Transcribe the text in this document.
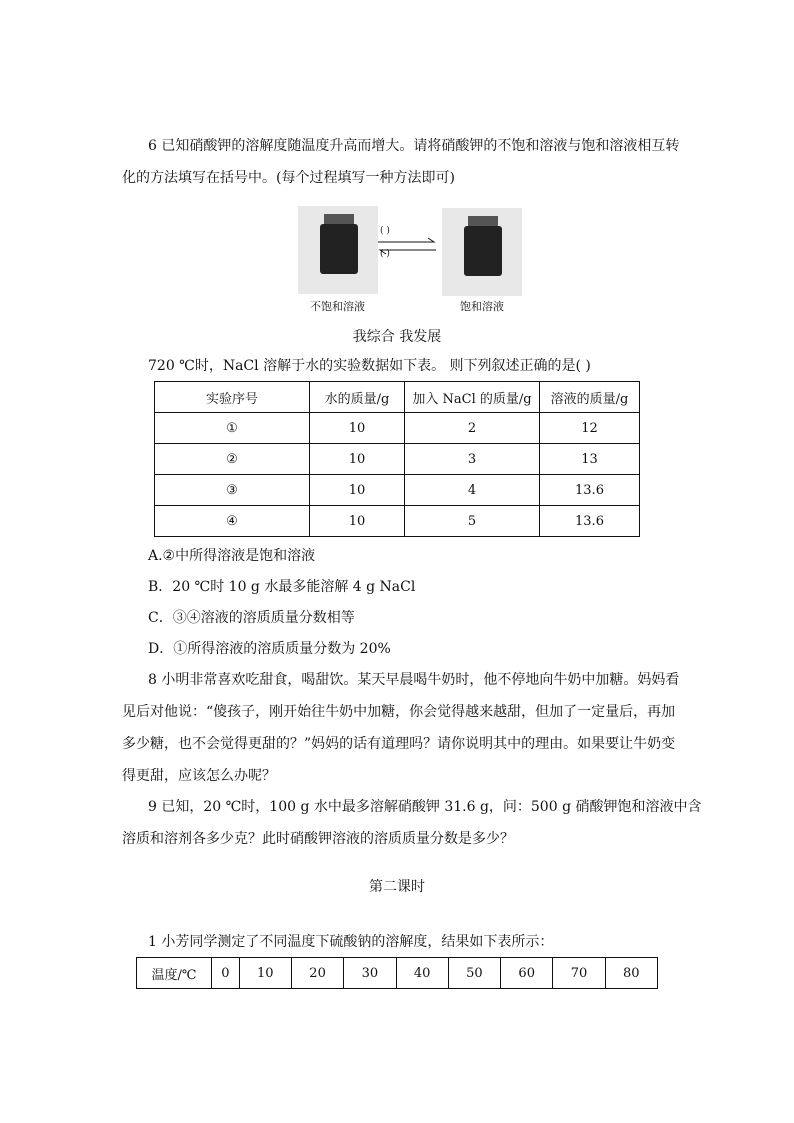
6 已知硝酸钾的溶解度随温度升高而增大。请将硝酸钾的不饱和溶液与饱和溶液相互转
化的方法填写在括号中。(每个过程填写一种方法即可)
( )
( )
不饱和溶液	饱和溶液
我综合 我发展
720 ℃时，NaCl 溶解于水的实验数据如下表。 则下列叙述正确的是( )
实验序号	水的质量/g	加入 NaCl 的质量/g	溶液的质量/g
①	10	2	12
②	10	3	13
③	10	4	13.6
④	10	5	13.6
A.②中所得溶液是饱和溶液
B．20 ℃时 10 g 水最多能溶解 4 g NaCl
C．③④溶液的溶质质量分数相等
D．①所得溶液的溶质质量分数为 20%
8 小明非常喜欢吃甜食，喝甜饮。某天早晨喝牛奶时，他不停地向牛奶中加糖。妈妈看
见后对他说：“傻孩子，刚开始往牛奶中加糖，你会觉得越来越甜，但加了一定量后，再加
多少糖，也不会觉得更甜的？”妈妈的话有道理吗？请你说明其中的理由。如果要让牛奶变
得更甜，应该怎么办呢？
9 已知，20 ℃时，100 g 水中最多溶解硝酸钾 31.6 g，问：500 g 硝酸钾饱和溶液中含
溶质和溶剂各多少克？此时硝酸钾溶液的溶质质量分数是多少？
第二课时
1 小芳同学测定了不同温度下硫酸钠的溶解度，结果如下表所示：
温度/℃	0	10	20	30	40	50	60	70	80
